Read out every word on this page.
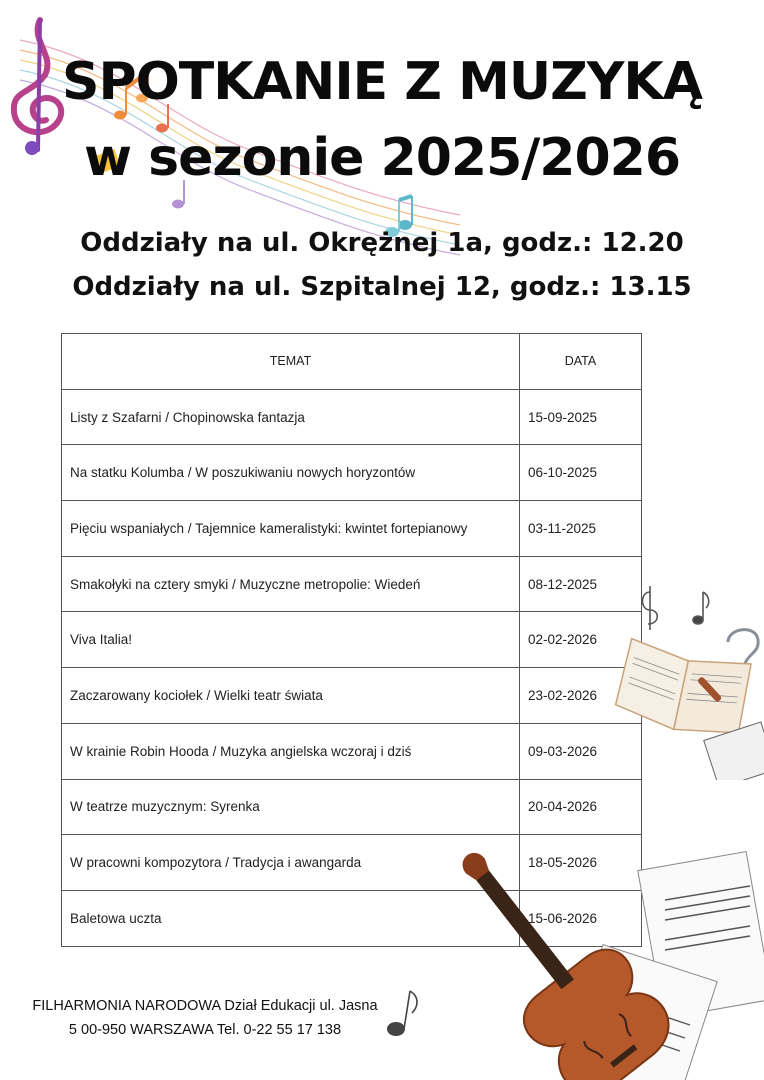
SPOTKANIE Z MUZYKĄ
w sezonie 2025/2026
Oddziały na ul. Okrężnej 1a, godz.: 12.20
Oddziały na ul. Szpitalnej 12, godz.: 13.15
TEMAT	DATA
Listy z Szafarni / Chopinowska fantazja	15-09-2025
Na statku Kolumba / W poszukiwaniu nowych horyzontów	06-10-2025
Pięciu wspaniałych / Tajemnice kameralistyki: kwintet fortepianowy	03-11-2025
Smakołyki na cztery smyki / Muzyczne metropolie: Wiedeń	08-12-2025
Viva Italia!	02-02-2026
Zaczarowany kociołek / Wielki teatr świata	23-02-2026
W krainie Robin Hooda / Muzyka angielska wczoraj i dziś	09-03-2026
W teatrze muzycznym: Syrenka	20-04-2026
W pracowni kompozytora / Tradycja i awangarda	18-05-2026
Baletowa uczta	15-06-2026
FILHARMONIA NARODOWA Dział Edukacji ul. Jasna
5 00-950 WARSZAWA Tel. 0-22 55 17 138
